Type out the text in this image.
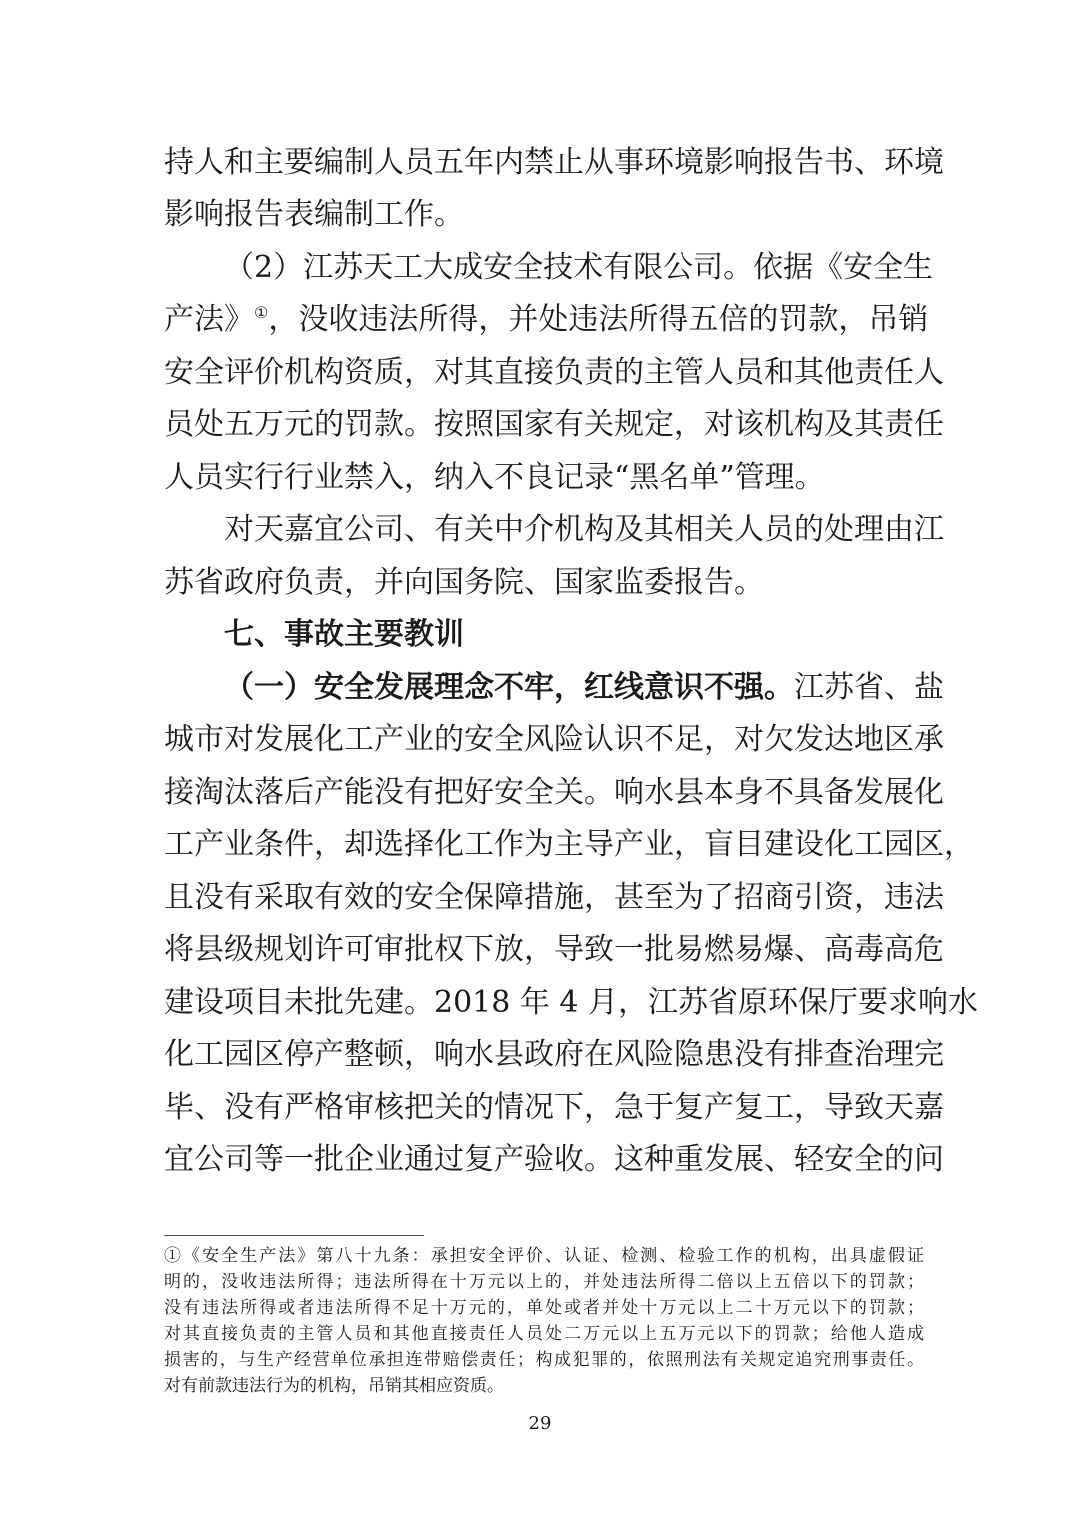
持人和主要编制人员五年内禁止从事环境影响报告书、环境
影响报告表编制工作。
（2）江苏天工大成安全技术有限公司。依据《安全生
产法》①，没收违法所得，并处违法所得五倍的罚款，吊销
安全评价机构资质，对其直接负责的主管人员和其他责任人
员处五万元的罚款。按照国家有关规定，对该机构及其责任
人员实行行业禁入，纳入不良记录“黑名单”管理。
对天嘉宜公司、有关中介机构及其相关人员的处理由江
苏省政府负责，并向国务院、国家监委报告。
七、事故主要教训
（一）安全发展理念不牢，红线意识不强。江苏省、盐
城市对发展化工产业的安全风险认识不足，对欠发达地区承
接淘汰落后产能没有把好安全关。响水县本身不具备发展化
工产业条件，却选择化工作为主导产业，盲目建设化工园区，
且没有采取有效的安全保障措施，甚至为了招商引资，违法
将县级规划许可审批权下放，导致一批易燃易爆、高毒高危
建设项目未批先建。2018 年 4 月，江苏省原环保厅要求响水
化工园区停产整顿，响水县政府在风险隐患没有排查治理完
毕、没有严格审核把关的情况下，急于复产复工，导致天嘉
宜公司等一批企业通过复产验收。这种重发展、轻安全的问
①《安全生产法》第八十九条：承担安全评价、认证、检测、检验工作的机构，出具虚假证
明的，没收违法所得；违法所得在十万元以上的，并处违法所得二倍以上五倍以下的罚款；
没有违法所得或者违法所得不足十万元的，单处或者并处十万元以上二十万元以下的罚款；
对其直接负责的主管人员和其他直接责任人员处二万元以上五万元以下的罚款；给他人造成
损害的，与生产经营单位承担连带赔偿责任；构成犯罪的，依照刑法有关规定追究刑事责任。
对有前款违法行为的机构，吊销其相应资质。
29
